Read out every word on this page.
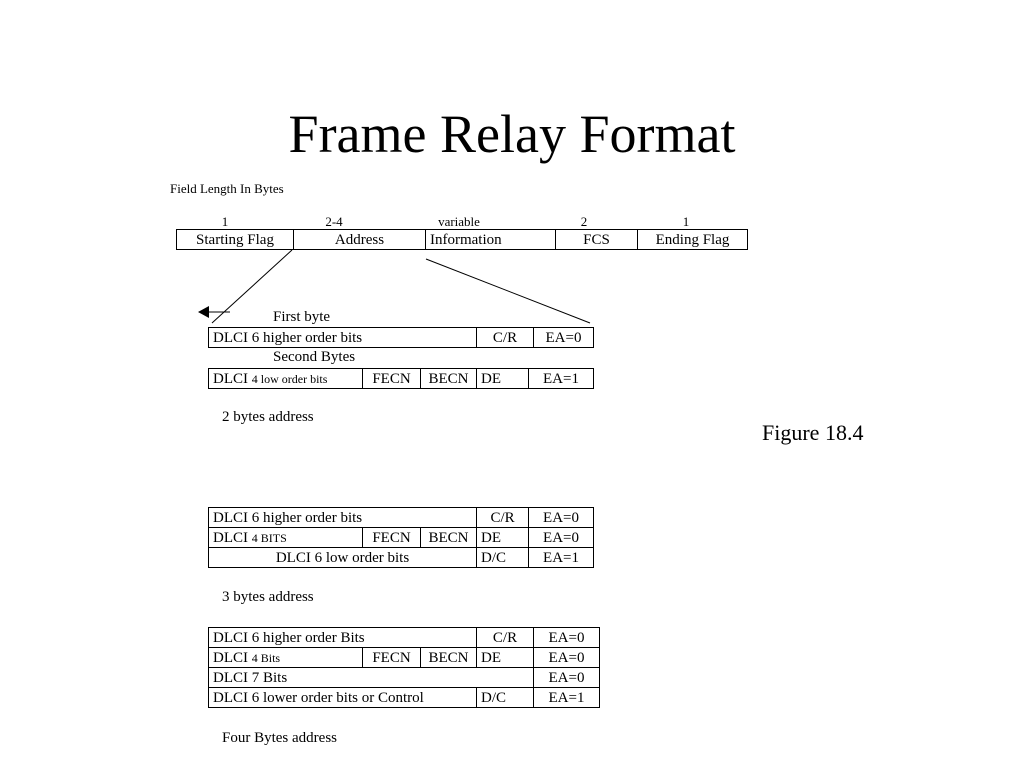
Frame Relay Format
Field Length In Bytes
1	2-4	variable	2	1
Starting Flag	Address	Information	FCS	Ending Flag
First byte
DLCI 6 higher order bits	C/R	EA=0
Second Bytes
DLCI 4 low order bits	FECN	BECN	DE	EA=1
2 bytes address
Figure 18.4
DLCI 6 higher order bits			C/R	EA=0
DLCI 4 BITS	FECN	BECN	DE	EA=0
DLCI 6 low order bits			D/C	EA=1
3 bytes address
DLCI 6 higher order Bits			C/R	EA=0
DLCI 4 Bits	FECN	BECN	DE	EA=0
DLCI 7 Bits				EA=0
DLCI 6 lower order bits or Control			D/C	EA=1
Four Bytes address
